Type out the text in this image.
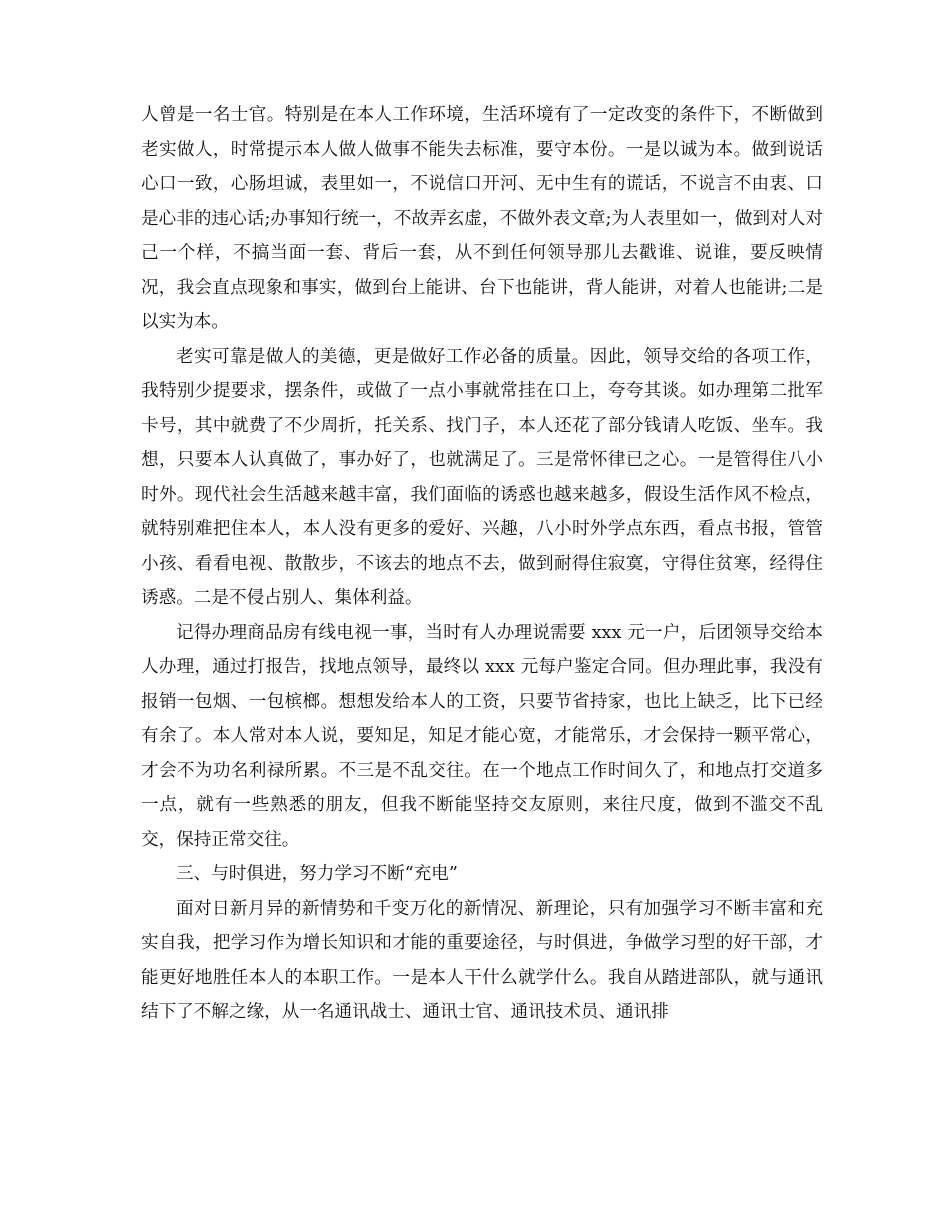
人曾是一名士官。特别是在本人工作环境，生活环境有了一定改变的条件下，不断做到老实做人，时常提示本人做人做事不能失去标准，要守本份。一是以诚为本。做到说话心口一致，心肠坦诚，表里如一，不说信口开河、无中生有的谎话，不说言不由衷、口是心非的违心话;办事知行统一，不故弄玄虚，不做外表文章;为人表里如一，做到对人对己一个样，不搞当面一套、背后一套，从不到任何领导那儿去戳谁、说谁，要反映情况，我会直点现象和事实，做到台上能讲、台下也能讲，背人能讲，对着人也能讲;二是以实为本。

老实可靠是做人的美德，更是做好工作必备的质量。因此，领导交给的各项工作，我特别少提要求，摆条件，或做了一点小事就常挂在口上，夸夸其谈。如办理第二批军卡号，其中就费了不少周折，托关系、找门子，本人还花了部分钱请人吃饭、坐车。我想，只要本人认真做了，事办好了，也就满足了。三是常怀律已之心。一是管得住八小时外。现代社会生活越来越丰富，我们面临的诱惑也越来越多，假设生活作风不检点，就特别难把住本人，本人没有更多的爱好、兴趣，八小时外学点东西，看点书报，管管小孩、看看电视、散散步，不该去的地点不去，做到耐得住寂寞，守得住贫寒，经得住诱惑。二是不侵占别人、集体利益。

记得办理商品房有线电视一事，当时有人办理说需要 xxx 元一户，后团领导交给本人办理，通过打报告，找地点领导，最终以 xxx 元每户鉴定合同。但办理此事，我没有报销一包烟、一包槟榔。想想发给本人的工资，只要节省持家，也比上缺乏，比下已经有余了。本人常对本人说，要知足，知足才能心宽，才能常乐，才会保持一颗平常心，才会不为功名利禄所累。不三是不乱交往。在一个地点工作时间久了，和地点打交道多一点，就有一些熟悉的朋友，但我不断能坚持交友原则，来往尺度，做到不滥交不乱交，保持正常交往。

三、与时俱进，努力学习不断“充电”

面对日新月异的新情势和千变万化的新情况、新理论，只有加强学习不断丰富和充实自我，把学习作为增长知识和才能的重要途径，与时俱进，争做学习型的好干部，才能更好地胜任本人的本职工作。一是本人干什么就学什么。我自从踏进部队，就与通讯结下了不解之缘，从一名通讯战士、通讯士官、通讯技术员、通讯排
